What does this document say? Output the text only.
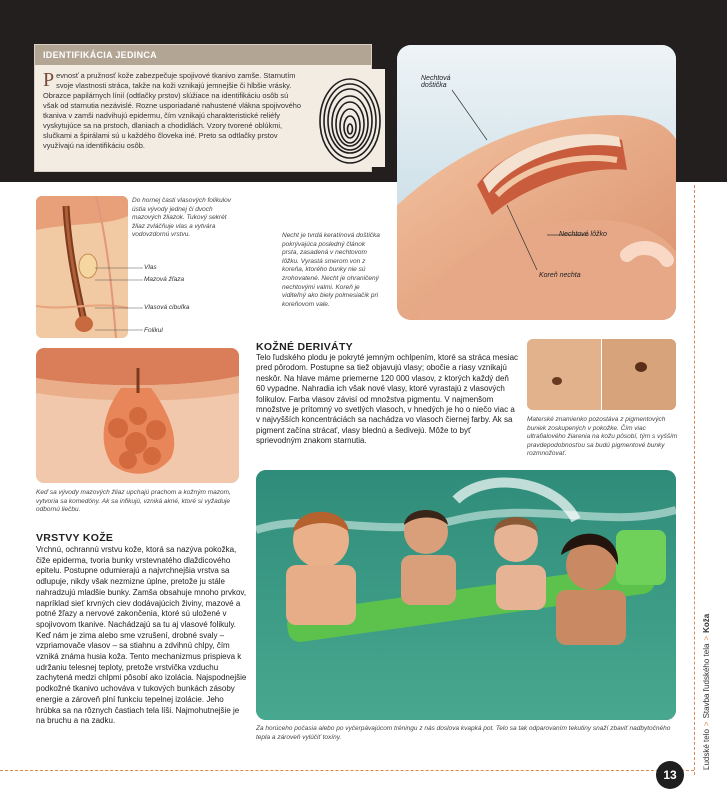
IDENTIFIKÁCIA JEDINCA
Pevnosť a pružnosť kože zabezpečuje spojivové tkanivo zamše. Starnutím svoje vlastnosti stráca, takže na koži vznikajú jemnejšie či hlbšie vrásky. Obrazce papilárnych línií (odtlačky prstov) slúžiace na identifikáciu osôb sú však od starnutia nezávislé. Rozne usporiadané nahustené vlákna spojivového tkaniva v zamši nadvihujú epidermu, čím vznikajú charakteristické reliéfy vyskytujúce sa na prstoch, dlaniach a chodidlách. Vzory tvorené oblúkmi, slučkami a špirálami sú u každého človeka iné. Preto sa odtlačky prstov využívajú na identifikáciu osôb.
Nechtová doštička
Nechtové lôžko
Koreň nechta
Necht je tvrdá keratínová doštička pokrývajúca posledný článok prsta, zasadená v nechtovom lôžku. Vyrastá smerom von z koreňa, ktorého bunky nie sú zrohovatené. Necht je ohraničený nechtovými valmi. Koreň je viditeľný ako biely polmesiačik pri koreňovom vale.
Do hornej časti vlasových folikulov ústia vývody jednej či dvoch mazových žliazok. Tukový sekrét žliaz zvláčňuje vlas a vytvára vodovzdornú vrstvu.
Vlas
Mazová žľaza
Vlasová cibuľka
Folikul
Keď sa vývody mazových žliaz upchajú prachom a kožným mazom, vytvoria sa komedóny. Ak sa infikujú, vzniká akné, ktoré si vyžaduje odbornú liečbu.
Materské znamienko pozostáva z pigmentových buniek zoskupených v pokožke. Čím viac ultrafialového žiarenia na kožu pôsobí, tým s vyšším pravdepodobnosťou sa budú pigmentové bunky rozmnožovať.
KOŽNÉ DERIVÁTY
Telo ľudského plodu je pokryté jemným ochlpením, ktoré sa stráca mesiac pred pôrodom. Postupne sa tiež objavujú vlasy; obočie a riasy vznikajú neskôr. Na hlave máme priemerne 120 000 vlasov, z ktorých každý deň 60 vypadne. Nahradia ich však nové vlasy, ktoré vyrastajú z vlasových folikulov. Farba vlasov závisí od množstva pigmentu. V najmenšom množstve je prítomný vo svetlých vlasoch, v hnedých je ho o niečo viac a v najvyšších koncentráciách sa nachádza vo vlasoch čiernej farby. Ak sa pigment začína strácať, vlasy blednú a šedivejú. Môže to byť sprievodným znakom starnutia.
VRSTVY KOŽE
Vrchnú, ochrannú vrstvu kože, ktorá sa nazýva pokožka, čiže epiderma, tvoria bunky vrstevnatého dlaždicového epitelu. Postupne odumierajú a najvrchnejšia vrstva sa odlupuje, nikdy však nezmizne úplne, pretože ju stále nahradzujú mladšie bunky. Zamša obsahuje mnoho prvkov, napríklad sieť krvných ciev dodávajúcich živiny, mazové a potné žľazy a nervové zakončenia, ktoré sú uložené v spojivovom tkanive. Nachádzajú sa tu aj vlasové folikuly. Keď nám je zima alebo sme vzrušení, drobné svaly – vzpriamovače vlasov – sa stiahnu a zdvihnú chlpy, čím vzniká známa husia koža. Tento mechanizmus prispieva k udržaniu telesnej teploty, pretože vrstvička vzduchu zachytená medzi chlpmi pôsobí ako izolácia. Najspodnejšie podkožné tkanivo uchováva v tukových bunkách zásoby energie a zároveň plní funkciu tepelnej izolácie. Jeho hrúbka sa na rôznych častiach tela líši. Najmohutnejšie je na bruchu a na zadku.
Za horúceho počasia alebo po vyčerpávajúcom tréningu z nás doslova kvapká pot. Telo sa tak odparovaním tekutiny snaží zbaviť nadbytočného tepla a zároveň vylúčiť toxíny.
13
Ľudské telo>Stavba ľudského tela>Koža
